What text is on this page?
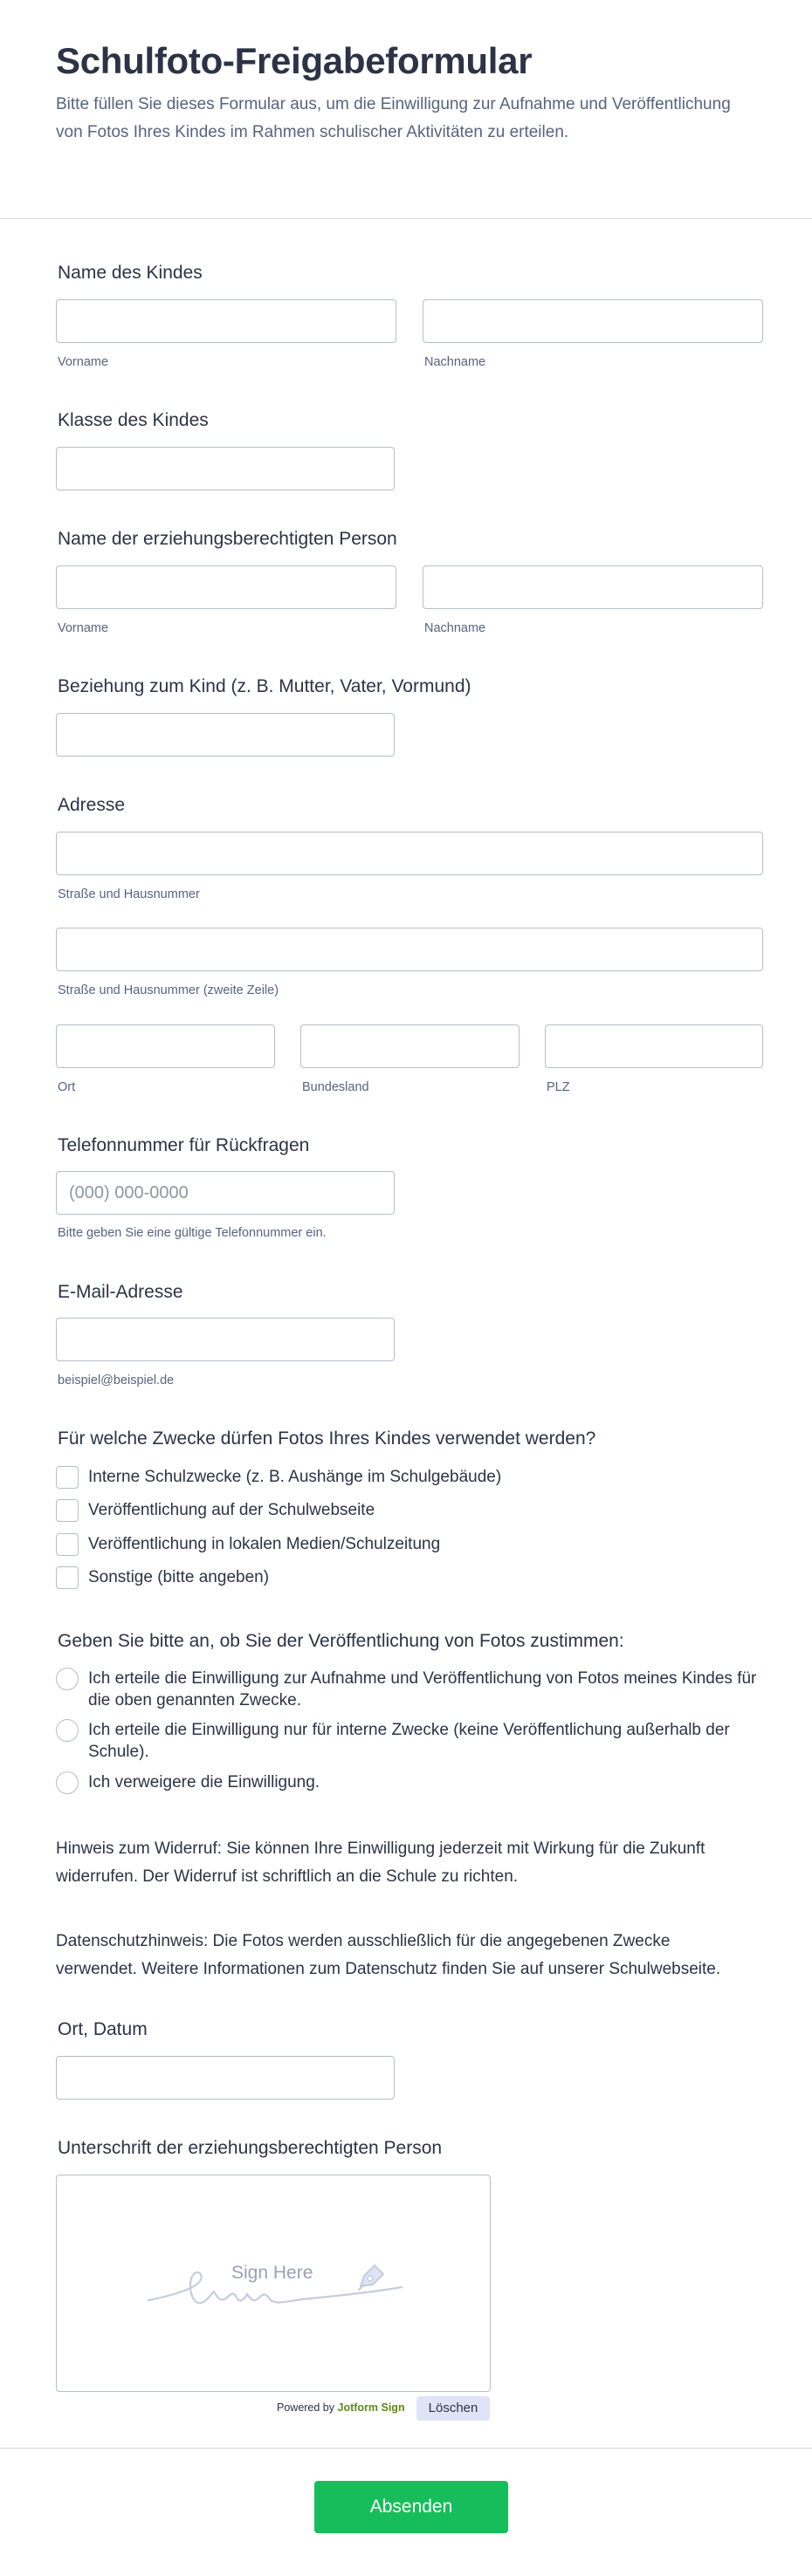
Schulfoto-Freigabeformular
Bitte füllen Sie dieses Formular aus, um die Einwilligung zur Aufnahme und Veröffentlichung von Fotos Ihres Kindes im Rahmen schulischer Aktivitäten zu erteilen.
Name des Kindes
Vorname	Nachname
Klasse des Kindes
Name der erziehungsberechtigten Person
Vorname	Nachname
Beziehung zum Kind (z. B. Mutter, Vater, Vormund)
Adresse
Straße und Hausnummer
Straße und Hausnummer (zweite Zeile)
Ort	Bundesland	PLZ
Telefonnummer für Rückfragen
(000) 000-0000
Bitte geben Sie eine gültige Telefonnummer ein.
E-Mail-Adresse
beispiel@beispiel.de
Für welche Zwecke dürfen Fotos Ihres Kindes verwendet werden?
Interne Schulzwecke (z. B. Aushänge im Schulgebäude)
Veröffentlichung auf der Schulwebseite
Veröffentlichung in lokalen Medien/Schulzeitung
Sonstige (bitte angeben)
Geben Sie bitte an, ob Sie der Veröffentlichung von Fotos zustimmen:
Ich erteile die Einwilligung zur Aufnahme und Veröffentlichung von Fotos meines Kindes für die oben genannten Zwecke.
Ich erteile die Einwilligung nur für interne Zwecke (keine Veröffentlichung außerhalb der Schule).
Ich verweigere die Einwilligung.
Hinweis zum Widerruf: Sie können Ihre Einwilligung jederzeit mit Wirkung für die Zukunft widerrufen. Der Widerruf ist schriftlich an die Schule zu richten.
Datenschutzhinweis: Die Fotos werden ausschließlich für die angegebenen Zwecke verwendet. Weitere Informationen zum Datenschutz finden Sie auf unserer Schulwebseite.
Ort, Datum
Unterschrift der erziehungsberechtigten Person
Sign Here
Powered by Jotform Sign	Löschen
Absenden
